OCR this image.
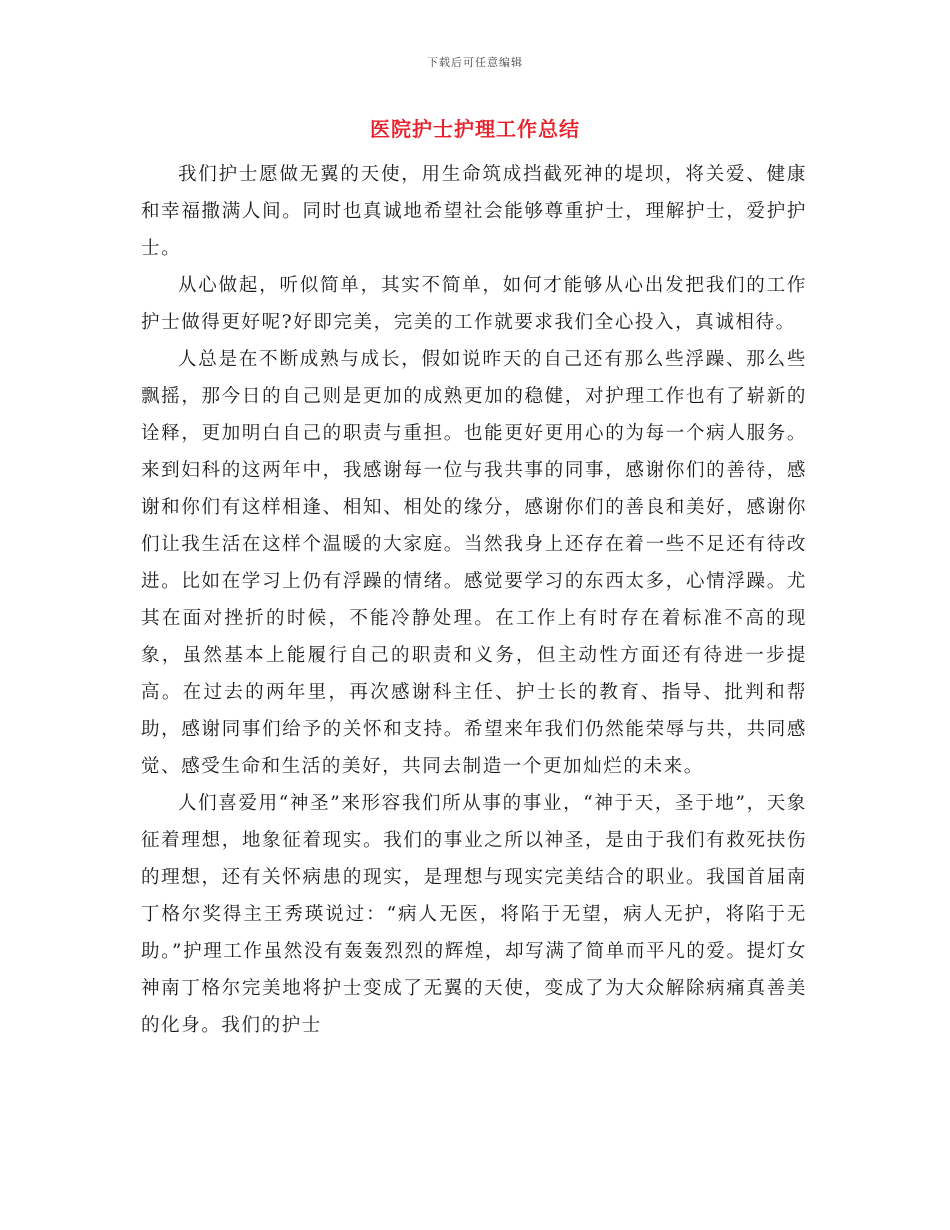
下载后可任意编辑
医院护士护理工作总结

我们护士愿做无翼的天使，用生命筑成挡截死神的堤坝，将关爱、健康和幸福撒满人间。同时也真诚地希望社会能够尊重护士，理解护士，爱护护士。

从心做起，听似简单，其实不简单，如何才能够从心出发把我们的工作护士做得更好呢?好即完美，完美的工作就要求我们全心投入，真诚相待。

人总是在不断成熟与成长，假如说昨天的自己还有那么些浮躁、那么些飘摇，那今日的自己则是更加的成熟更加的稳健，对护理工作也有了崭新的诠释，更加明白自己的职责与重担。也能更好更用心的为每一个病人服务。来到妇科的这两年中，我感谢每一位与我共事的同事，感谢你们的善待，感谢和你们有这样相逢、相知、相处的缘分，感谢你们的善良和美好，感谢你们让我生活在这样个温暖的大家庭。当然我身上还存在着一些不足还有待改进。比如在学习上仍有浮躁的情绪。感觉要学习的东西太多，心情浮躁。尤其在面对挫折的时候，不能冷静处理。在工作上有时存在着标准不高的现象，虽然基本上能履行自己的职责和义务，但主动性方面还有待进一步提高。在过去的两年里，再次感谢科主任、护士长的教育、指导、批判和帮助，感谢同事们给予的关怀和支持。希望来年我们仍然能荣辱与共，共同感觉、感受生命和生活的美好，共同去制造一个更加灿烂的未来。

人们喜爱用“神圣”来形容我们所从事的事业，“神于天，圣于地”，天象征着理想，地象征着现实。我们的事业之所以神圣，是由于我们有救死扶伤的理想，还有关怀病患的现实，是理想与现实完美结合的职业。我国首届南丁格尔奖得主王秀瑛说过：“病人无医，将陷于无望，病人无护，将陷于无助。”护理工作虽然没有轰轰烈烈的辉煌，却写满了简单而平凡的爱。提灯女神南丁格尔完美地将护士变成了无翼的天使，变成了为大众解除病痛真善美的化身。我们的护士
